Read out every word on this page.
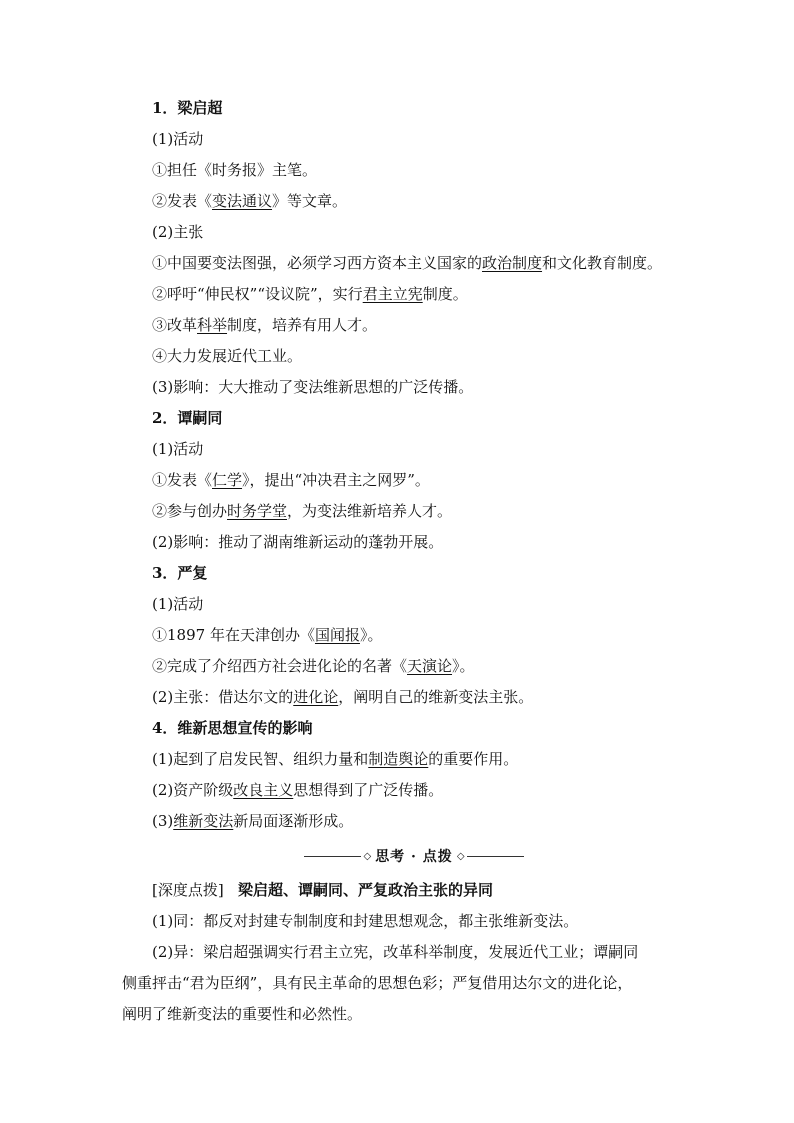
1．梁启超
(1)活动
①担任《时务报》主笔。
②发表《变法通议》等文章。
(2)主张
①中国要变法图强，必须学习西方资本主义国家的政治制度和文化教育制度。
②呼吁“伸民权”“设议院”，实行君主立宪制度。
③改革科举制度，培养有用人才。
④大力发展近代工业。
(3)影响：大大推动了变法维新思想的广泛传播。
2．谭嗣同
(1)活动
①发表《仁学》，提出“冲决君主之网罗”。
②参与创办时务学堂，为变法维新培养人才。
(2)影响：推动了湖南维新运动的蓬勃开展。
3．严复
(1)活动
①1897 年在天津创办《国闻报》。
②完成了介绍西方社会进化论的名著《天演论》。
(2)主张：借达尔文的进化论，阐明自己的维新变法主张。
4．维新思想宣传的影响
(1)起到了启发民智、组织力量和制造舆论的重要作用。
(2)资产阶级改良主义思想得到了广泛传播。
(3)维新变法新局面逐渐形成。
◇ 思考 · 点拨 ◇
[深度点拨] 梁启超、谭嗣同、严复政治主张的异同
(1)同：都反对封建专制制度和封建思想观念，都主张维新变法。
(2)异：梁启超强调实行君主立宪，改革科举制度，发展近代工业；谭嗣同
侧重抨击“君为臣纲”，具有民主革命的思想色彩；严复借用达尔文的进化论，
阐明了维新变法的重要性和必然性。
